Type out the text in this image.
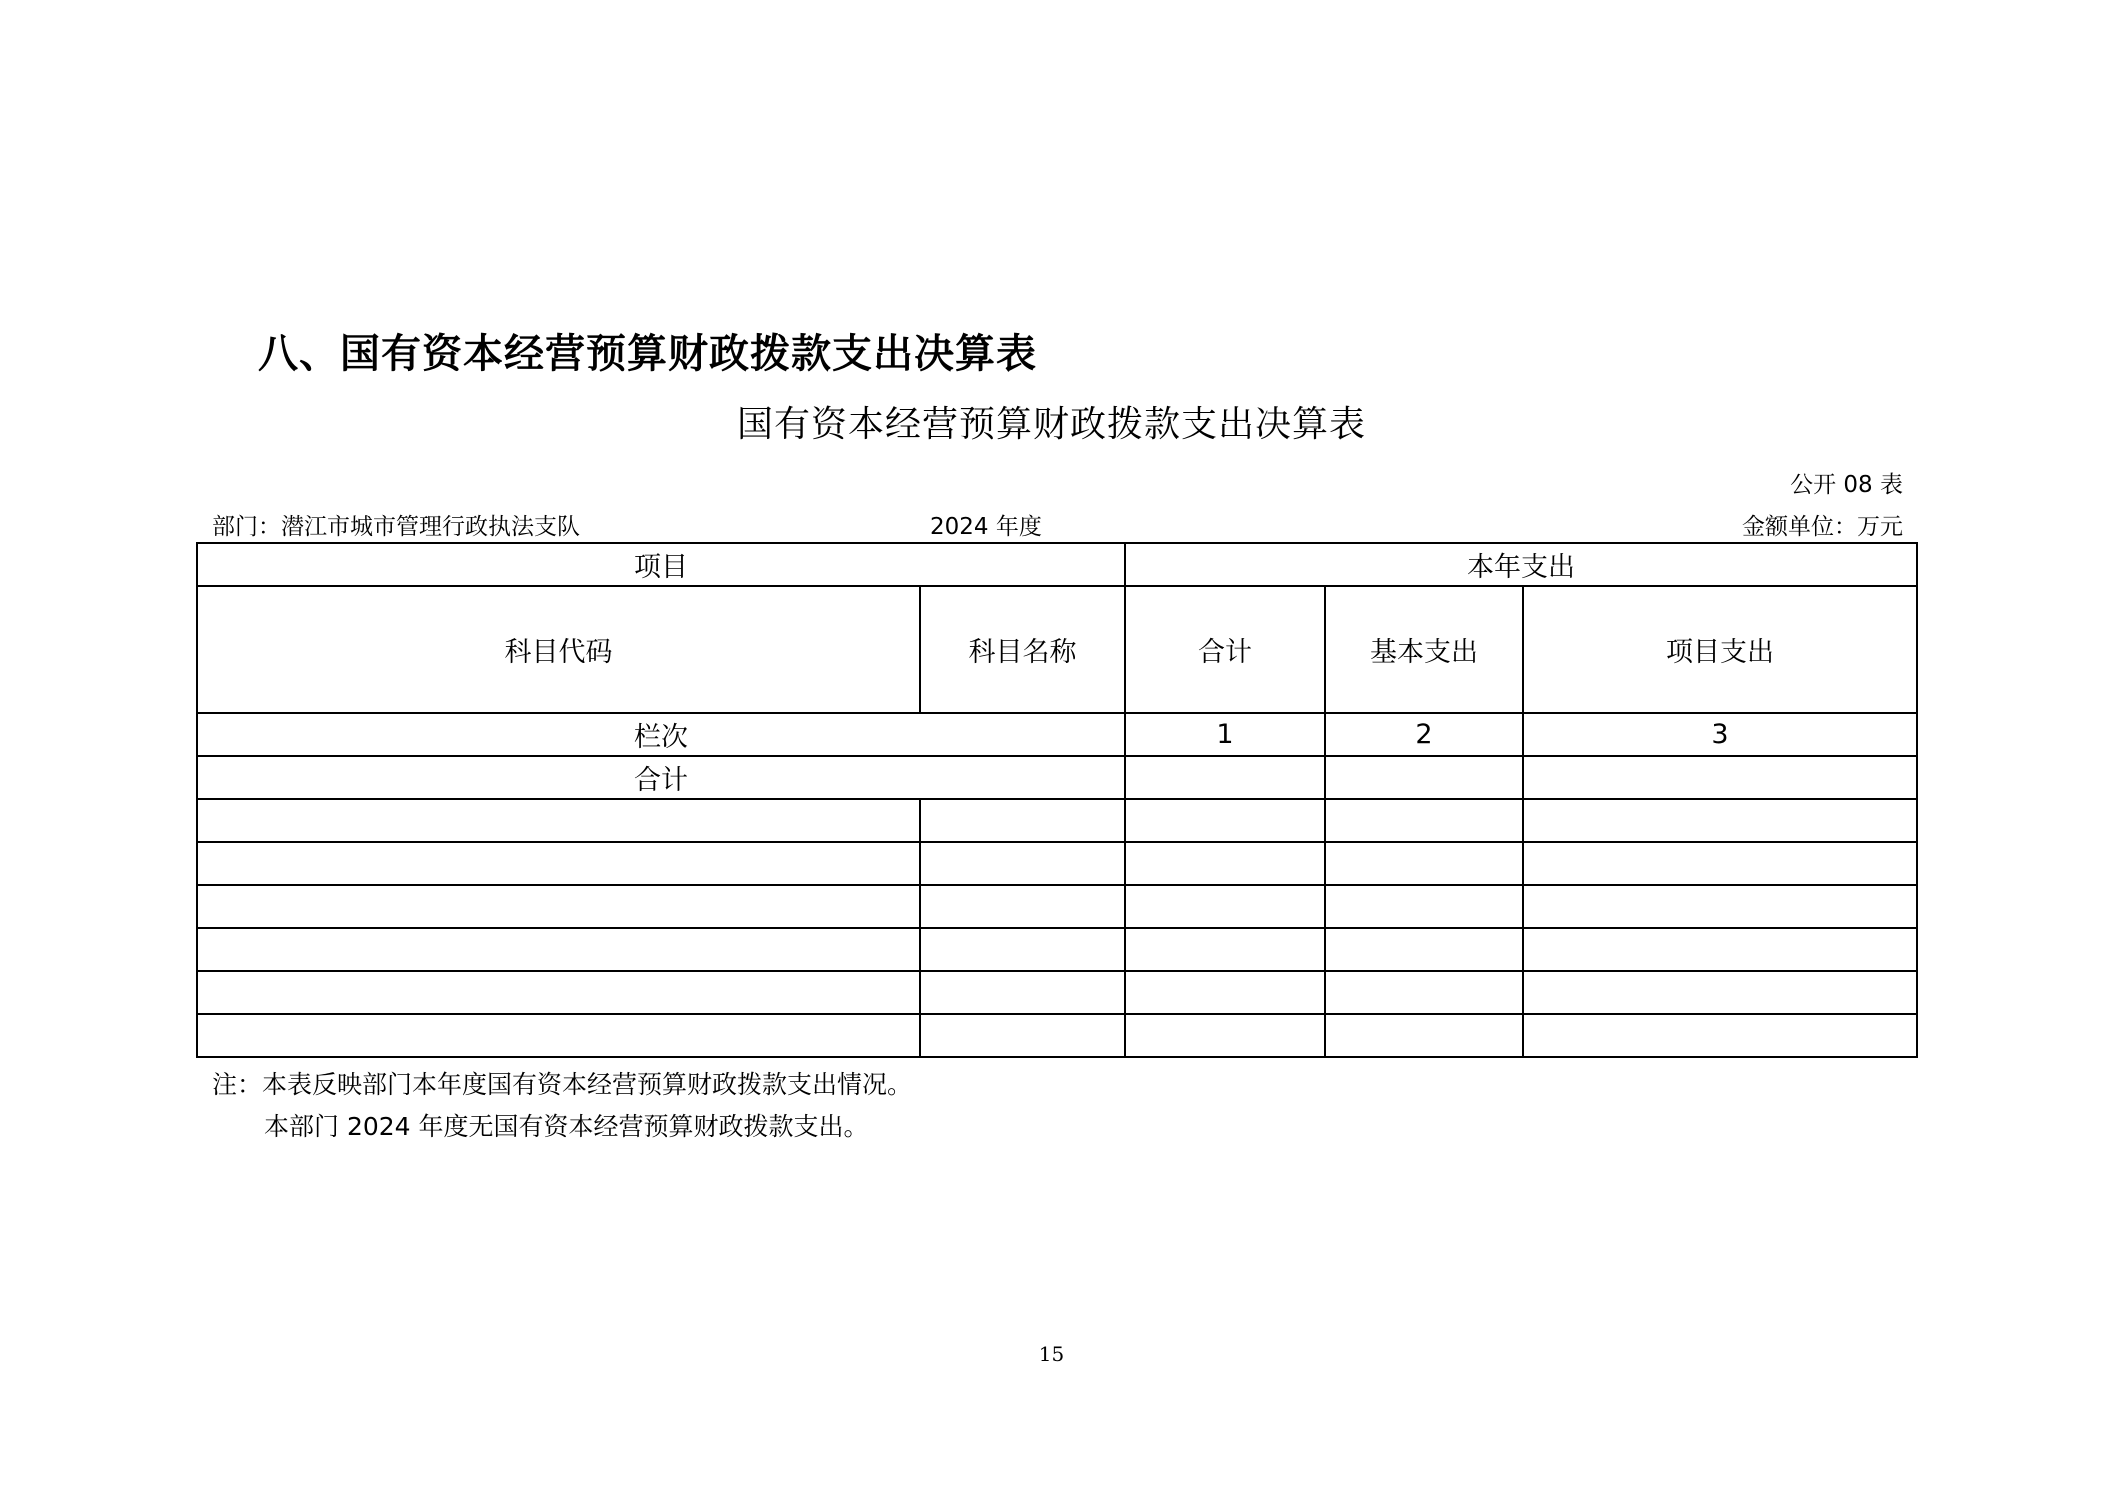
八、国有资本经营预算财政拨款支出决算表
国有资本经营预算财政拨款支出决算表
公开 08 表
部门：潜江市城市管理行政执法支队	2024 年度	金额单位：万元
项目		本年支出		
科目代码	科目名称	合计	基本支出	项目支出
栏次		1	2	3
合计				

注：本表反映部门本年度国有资本经营预算财政拨款支出情况。
本部门 2024 年度无国有资本经营预算财政拨款支出。
15
